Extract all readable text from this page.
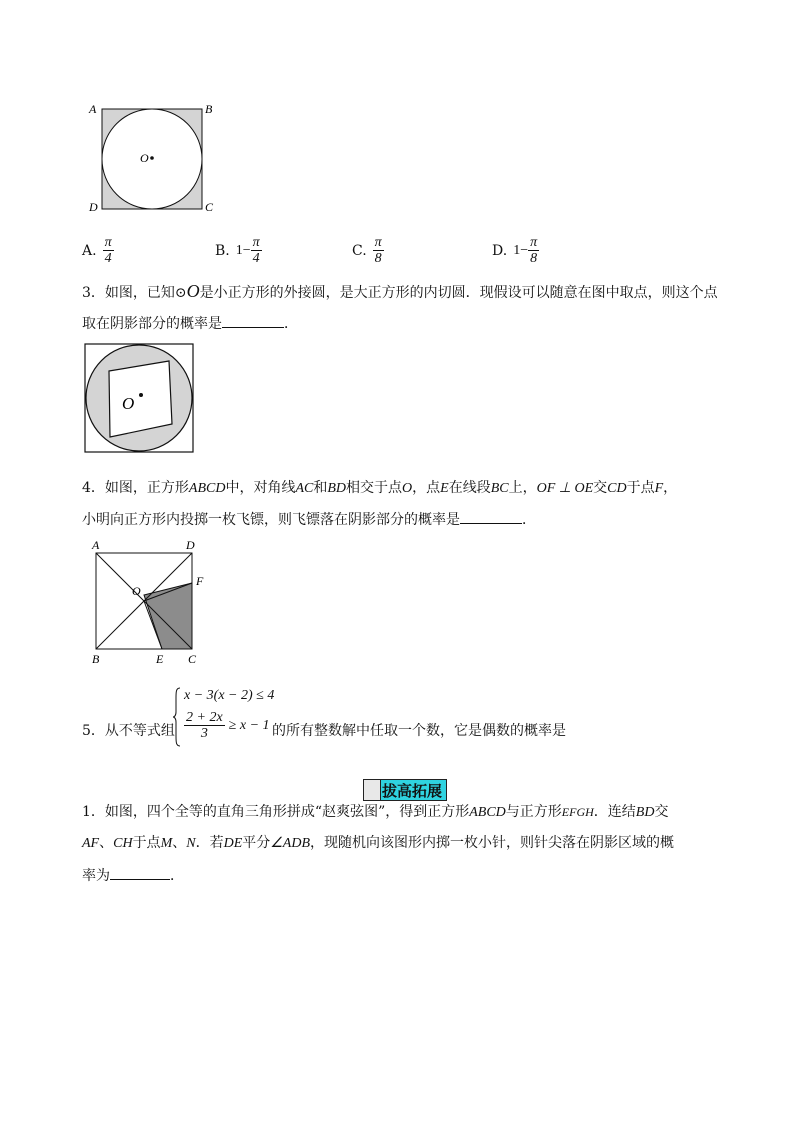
A	B
D	C
O
A. $\frac{\pi}{4}$	B. $1- \frac{\pi}{4}$	C. $\frac{\pi}{8}$	D. $1- \frac{\pi}{8}$
3．如图，已知⊙O是小正方形的外接圆，是大正方形的内切圆．现假设可以随意在图中取点，则这个点
取在阴影部分的概率是	．
O
4．如图，正方形ABCD中，对角线AC和BD相交于点O，点E在线段BC上，OF ⊥ OE交CD于点F，
小明向正方形内投掷一枚飞镖，则飞镖落在阴影部分的概率是	．
A	D
F
O
B	E C
5．从不等式组
x − 3(x − 2) ≤ 4
$\frac{2 + 2x}{3} \ge x - 1$ 的所有整数解中任取一个数，它是偶数的概率是
拔高拓展
1．如图，四个全等的直角三角形拼成“赵爽弦图”，得到正方形ABCD与正方形EFGH．连结BD交
AF、CH于点M、N．若DE平分∠ADB，现随机向该图形内掷一枚小针，则针尖落在阴影区域的概
率为	．
